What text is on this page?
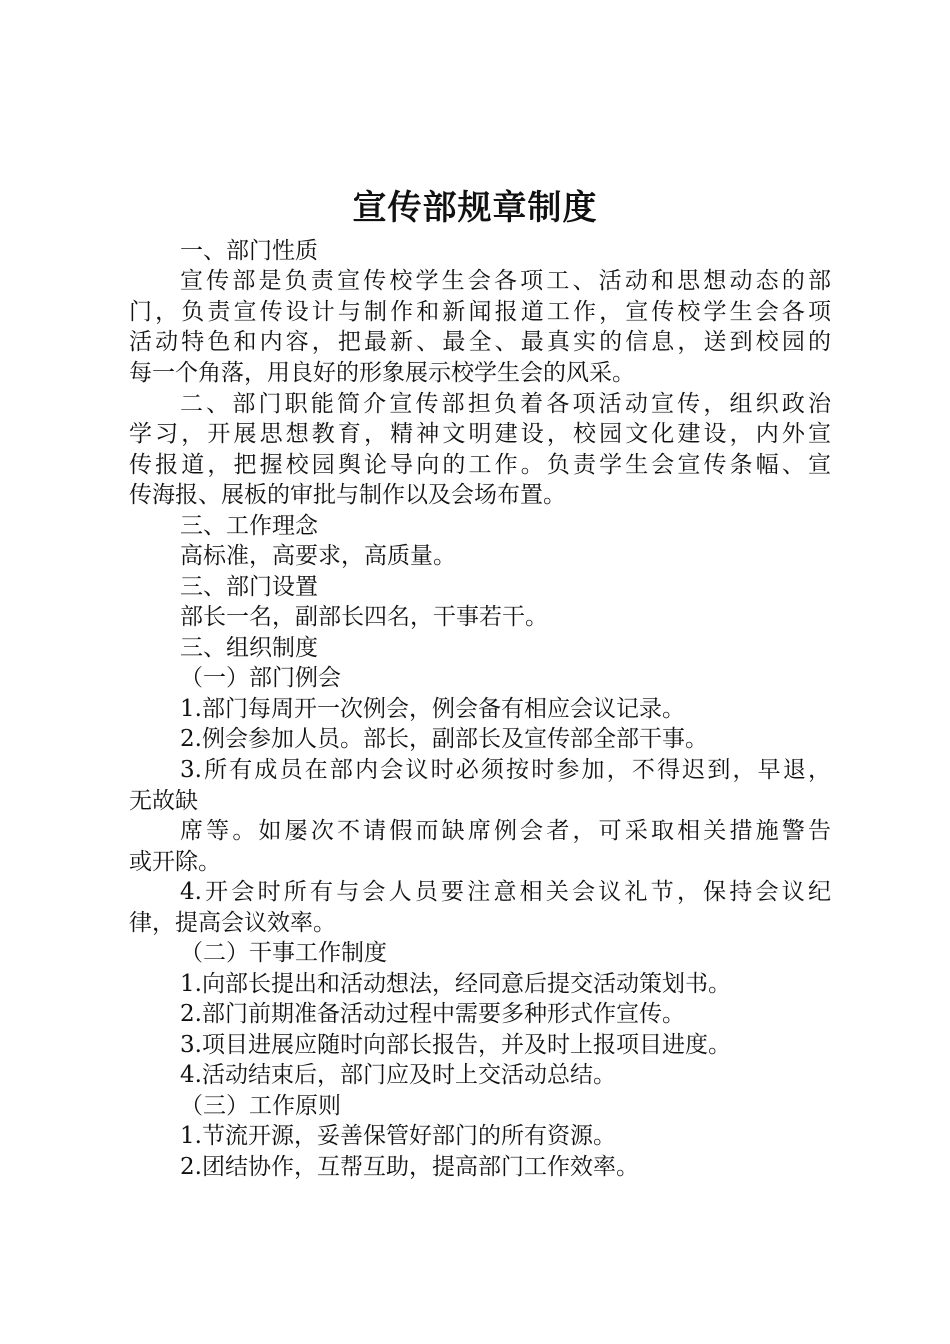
宣传部规章制度
一、部门性质
宣传部是负责宣传校学生会各项工、活动和思想动态的部
门，负责宣传设计与制作和新闻报道工作，宣传校学生会各项
活动特色和内容，把最新、最全、最真实的信息，送到校园的
每一个角落，用良好的形象展示校学生会的风采。
二、部门职能简介宣传部担负着各项活动宣传，组织政治
学习，开展思想教育，精神文明建设，校园文化建设，内外宣
传报道，把握校园舆论导向的工作。负责学生会宣传条幅、宣
传海报、展板的审批与制作以及会场布置。
三、工作理念
高标准，高要求，高质量。
三、部门设置
部长一名，副部长四名，干事若干。
三、组织制度
（一）部门例会
1.部门每周开一次例会，例会备有相应会议记录。
2.例会参加人员。部长，副部长及宣传部全部干事。
3.所有成员在部内会议时必须按时参加，不得迟到，早退，
无故缺
席等。如屡次不请假而缺席例会者，可采取相关措施警告
或开除。
4.开会时所有与会人员要注意相关会议礼节，保持会议纪
律，提高会议效率。
（二）干事工作制度
1.向部长提出和活动想法，经同意后提交活动策划书。
2.部门前期准备活动过程中需要多种形式作宣传。
3.项目进展应随时向部长报告，并及时上报项目进度。
4.活动结束后，部门应及时上交活动总结。
（三）工作原则
1.节流开源，妥善保管好部门的所有资源。
2.团结协作，互帮互助，提高部门工作效率。
